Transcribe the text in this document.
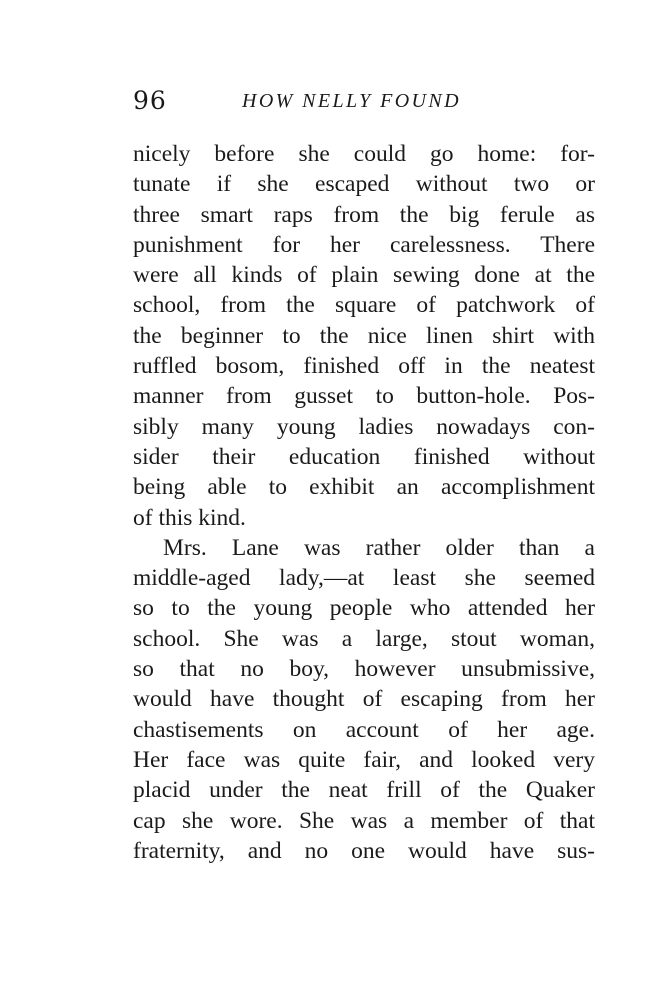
96	HOW NELLY FOUND
nicely before she could go home: for-
tunate if she escaped without two or
three smart raps from the big ferule as
punishment for her carelessness. There
were all kinds of plain sewing done at the
school, from the square of patchwork of
the beginner to the nice linen shirt with
ruffled bosom, finished off in the neatest
manner from gusset to button-hole. Pos-
sibly many young ladies nowadays con-
sider their education finished without
being able to exhibit an accomplishment
of this kind.
Mrs. Lane was rather older than a
middle-aged lady,—at least she seemed
so to the young people who attended her
school. She was a large, stout woman,
so that no boy, however unsubmissive,
would have thought of escaping from her
chastisements on account of her age.
Her face was quite fair, and looked very
placid under the neat frill of the Quaker
cap she wore. She was a member of that
fraternity, and no one would have sus-
